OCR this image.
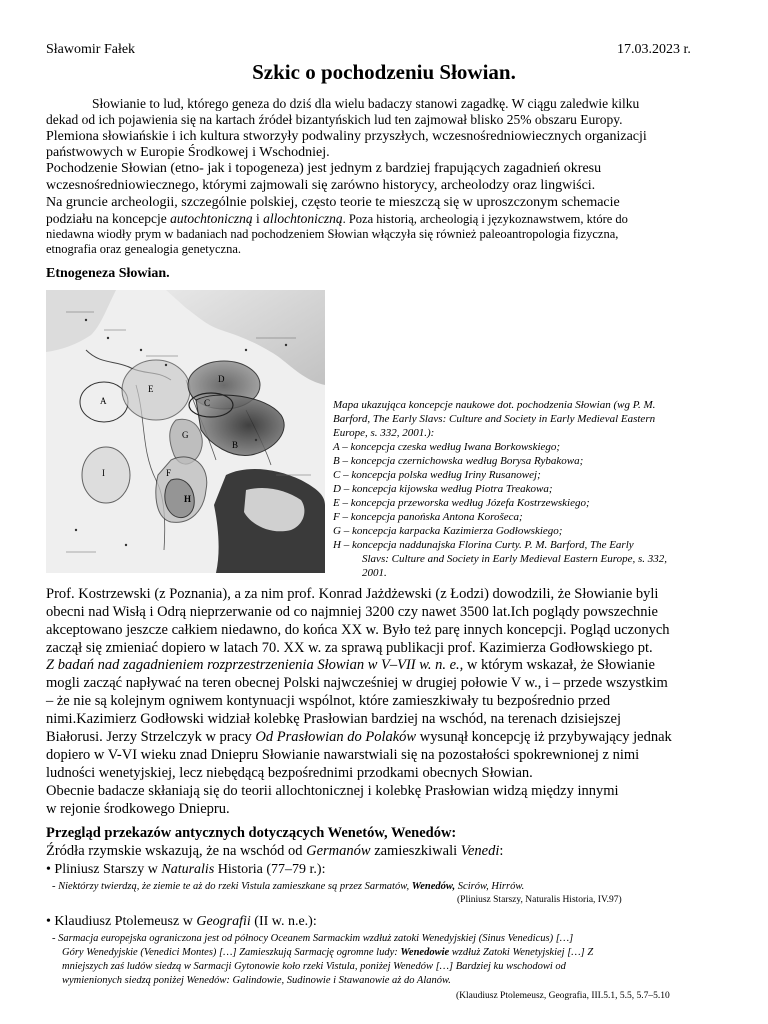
Sławomir Fałek	17.03.2023 r.
Szkic o pochodzeniu Słowian.
Słowianie to lud, którego geneza do dziś dla wielu badaczy stanowi zagadkę. W ciągu zaledwie kilku
dekad od ich pojawienia się na kartach źródeł bizantyńskich lud ten zajmował blisko 25% obszaru Europy.
Plemiona słowiańskie i ich kultura stworzyły podwaliny przyszłych, wczesnośredniowiecznych organizacji
państwowych w Europie Środkowej i Wschodniej.
Pochodzenie Słowian (etno- jak i topogeneza) jest jednym z bardziej frapujących zagadnień okresu
wczesnośredniowiecznego, którymi zajmowali się zarówno historycy, archeolodzy oraz lingwiści.
Na gruncie archeologii, szczególnie polskiej, często teorie te mieszczą się w uproszczonym schemacie
podziału na koncepcje autochtoniczną i allochtoniczną. Poza historią, archeologią i językoznawstwem, które do
niedawna wiodły prym w badaniach nad pochodzeniem Słowian włączyła się również paleoantropologia fizyczna,
etnografia oraz genealogia genetyczna.
Etnogeneza Słowian.
A
B
C
D
E
F
G
H
I
Mapa ukazująca koncepcje naukowe dot. pochodzenia Słowian (wg P. M.
Barford, The Early Slavs: Culture and Society in Early Medieval Eastern
Europe, s. 332, 2001.):
A – koncepcja czeska według Iwana Borkowskiego;
B – koncepcja czernichowska według Borysa Rybakowa;
C – koncepcja polska według Iriny Rusanowej;
D – koncepcja kijowska według Piotra Treakowa;
E – koncepcja przeworska według Józefa Kostrzewskiego;
F – koncepcja panońska Antona Korošeca;
G – koncepcja karpacka Kazimierza Godłowskiego;
H – koncepcja naddunajska Florina Curty. P. M. Barford, The Early
Slavs: Culture and Society in Early Medieval Eastern Europe, s. 332,
2001.
Prof. Kostrzewski (z Poznania), a za nim prof. Konrad Jażdżewski (z Łodzi) dowodzili, że Słowianie byli
obecni nad Wisłą i Odrą nieprzerwanie od co najmniej 3200 czy nawet 3500 lat.Ich poglądy powszechnie
akceptowano jeszcze całkiem niedawno, do końca XX w. Było też parę innych koncepcji. Pogląd uczonych
zaczął się zmieniać dopiero w latach 70. XX w. za sprawą publikacji prof. Kazimierza Godłowskiego pt.
Z badań nad zagadnieniem rozprzestrzenienia Słowian w V–VII w. n. e., w którym wskazał, że Słowianie
mogli zacząć napływać na teren obecnej Polski najwcześniej w drugiej połowie V w., i – przede wszystkim
– że nie są kolejnym ogniwem kontynuacji wspólnot, które zamieszkiwały tu bezpośrednio przed
nimi.Kazimierz Godłowski widział kolebkę Prasłowian bardziej na wschód, na terenach dzisiejszej
Białorusi. Jerzy Strzelczyk w pracy Od Prasłowian do Polaków wysunął koncepcję iż przybywający jednak
dopiero w V-VI wieku znad Dniepru Słowianie nawarstwiali się na pozostałości spokrewnionej z nimi
ludności wenetyjskiej, lecz niebędącą bezpośrednimi przodkami obecnych Słowian.
Obecnie badacze skłaniają się do teorii allochtonicznej i kolebkę Prasłowian widzą między innymi
w rejonie środkowego Dniepru.
Przegląd przekazów antycznych dotyczących Wenetów, Wenedów:
Źródła rzymskie wskazują, że na wschód od Germanów zamieszkiwali Venedi:
• Pliniusz Starszy w Naturalis Historia (77–79 r.):
- Niektórzy twierdzą, że ziemie te aż do rzeki Vistula zamieszkane są przez Sarmatów, Wenedów, Scirów, Hirrów.
(Pliniusz Starszy, Naturalis Historia, IV.97)
• Klaudiusz Ptolemeusz w Geografii (II w. n.e.):
- Sarmacja europejska ograniczona jest od północy Oceanem Sarmackim wzdłuż zatoki Wenedyjskiej (Sinus Venedicus) […]
Góry Wenedyjskie (Venedici Montes) […] Zamieszkują Sarmację ogromne ludy: Wenedowie wzdłuż Zatoki Wenetyjskiej […] Z
mniejszych zaś ludów siedzą w Sarmacji Gytonowie koło rzeki Vistula, poniżej Wenedów […] Bardziej ku wschodowi od
wymienionych siedzą poniżej Wenedów: Galindowie, Sudinowie i Stawanowie aż do Alanów.
(Klaudiusz Ptolemeusz, Geografia, III.5.1, 5.5, 5.7–5.10
